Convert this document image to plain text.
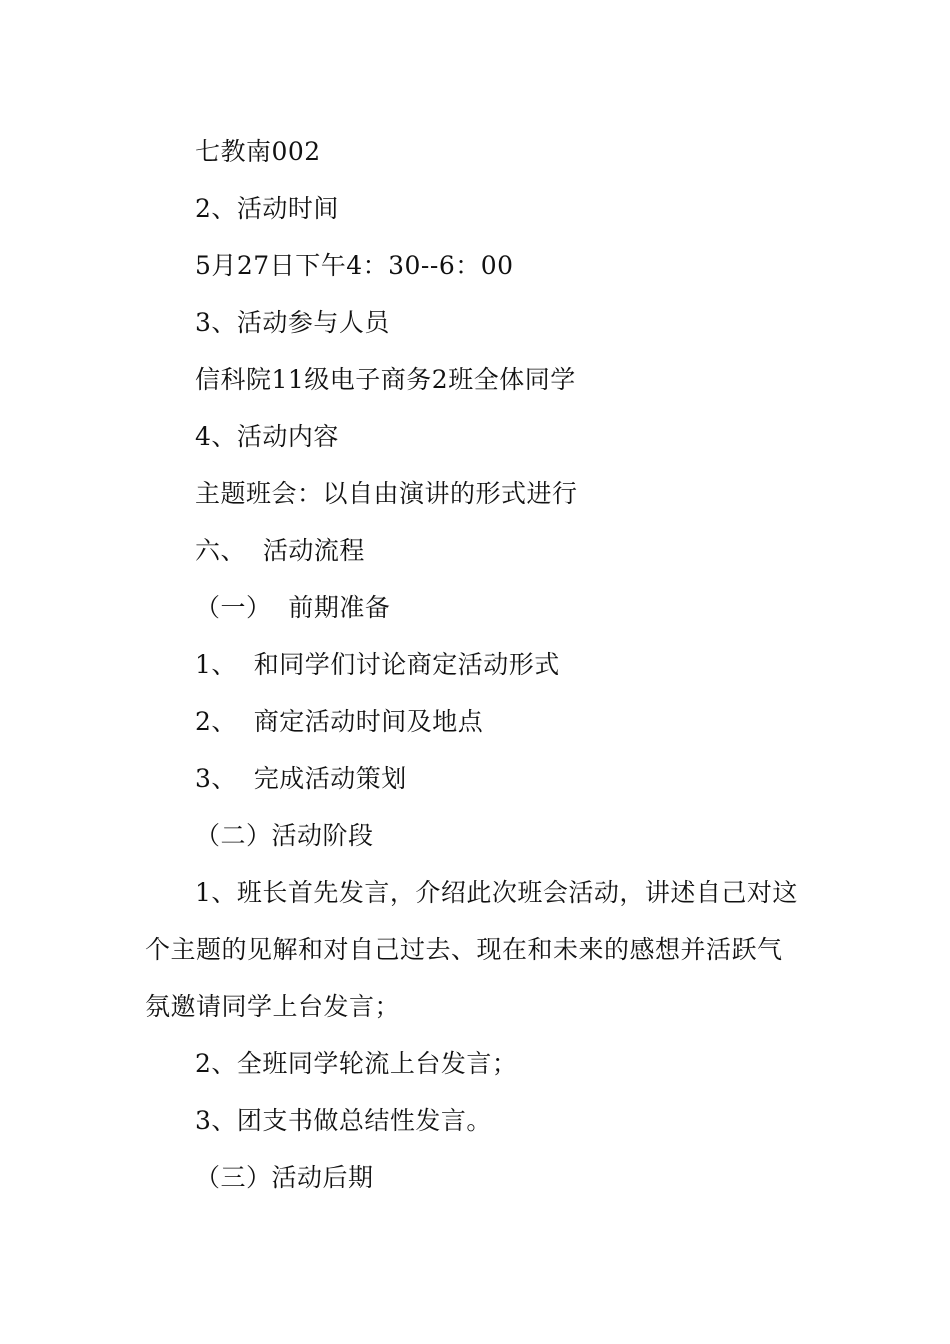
七教南002
2、活动时间
5月27日下午4：30--6：00
3、活动参与人员
信科院11级电子商务2班全体同学
4、活动内容
主题班会：以自由演讲的形式进行
六、  活动流程
（一）  前期准备
1、  和同学们讨论商定活动形式
2、  商定活动时间及地点
3、  完成活动策划
（二）活动阶段
1、班长首先发言，介绍此次班会活动，讲述自己对这
个主题的见解和对自己过去、现在和未来的感想并活跃气
氛邀请同学上台发言；
2、全班同学轮流上台发言；
3、团支书做总结性发言。
（三）活动后期
